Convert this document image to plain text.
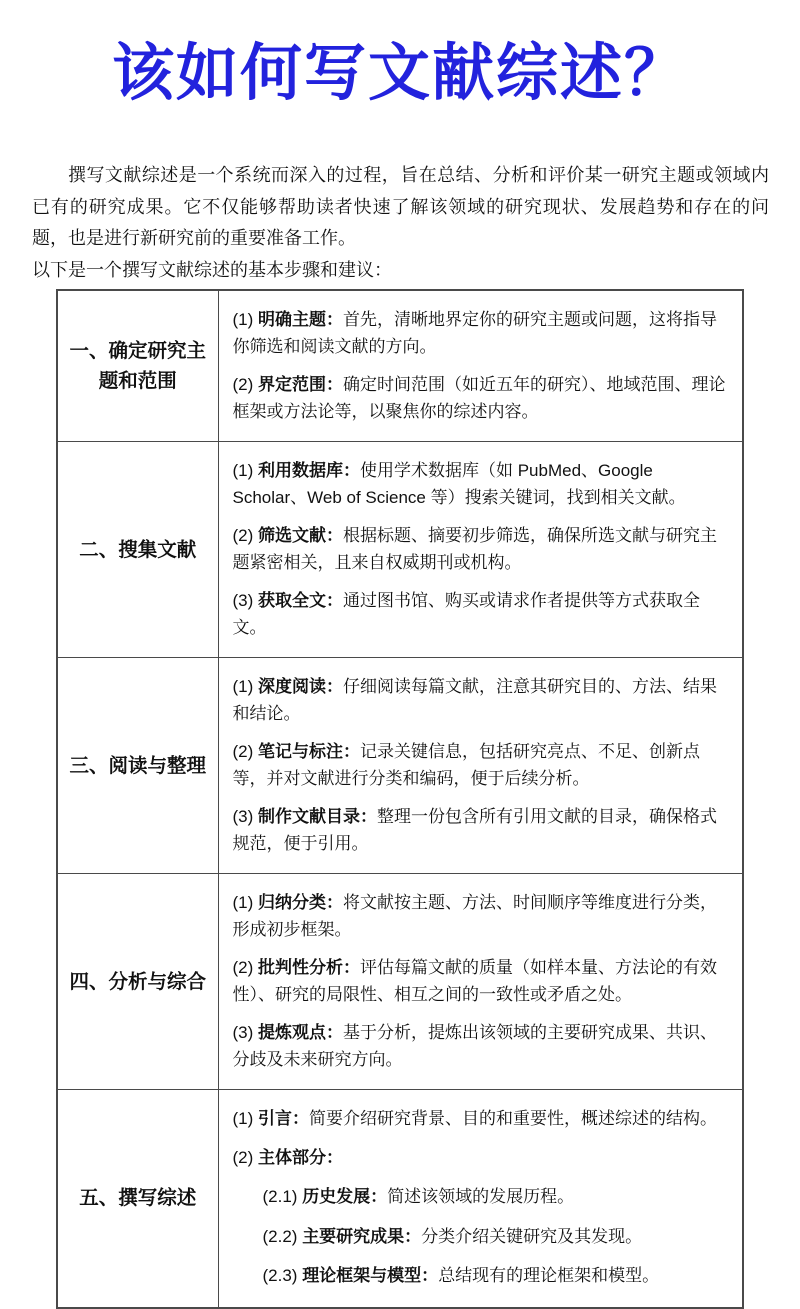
该如何写文献综述？

撰写文献综述是一个系统而深入的过程，旨在总结、分析和评价某一研究主题或领域内已有的研究成果。它不仅能够帮助读者快速了解该领域的研究现状、发展趋势和存在的问题，也是进行新研究前的重要准备工作。

以下是一个撰写文献综述的基本步骤和建议：

一、确定研究主题和范围	(1) 明确主题：首先，清晰地界定你的研究主题或问题，这将指导你筛选和阅读文献的方向。

(2) 界定范围：确定时间范围（如近五年的研究）、地域范围、理论框架或方法论等，以聚焦你的综述内容。

二、搜集文献	(1) 利用数据库：使用学术数据库（如 PubMed、Google Scholar、Web of Science 等）搜索关键词，找到相关文献。

(2) 筛选文献：根据标题、摘要初步筛选，确保所选文献与研究主题紧密相关，且来自权威期刊或机构。

(3) 获取全文：通过图书馆、购买或请求作者提供等方式获取全文。

三、阅读与整理	(1) 深度阅读：仔细阅读每篇文献，注意其研究目的、方法、结果和结论。

(2) 笔记与标注：记录关键信息，包括研究亮点、不足、创新点等，并对文献进行分类和编码，便于后续分析。

(3) 制作文献目录：整理一份包含所有引用文献的目录，确保格式规范，便于引用。

四、分析与综合	(1) 归纳分类：将文献按主题、方法、时间顺序等维度进行分类，形成初步框架。

(2) 批判性分析：评估每篇文献的质量（如样本量、方法论的有效性）、研究的局限性、相互之间的一致性或矛盾之处。

(3) 提炼观点：基于分析，提炼出该领域的主要研究成果、共识、分歧及未来研究方向。

五、撰写综述	(1) 引言：简要介绍研究背景、目的和重要性，概述综述的结构。

(2) 主体部分：

(2.1) 历史发展：简述该领域的发展历程。

(2.2) 主要研究成果：分类介绍关键研究及其发现。

(2.3) 理论框架与模型：总结现有的理论框架和模型。
